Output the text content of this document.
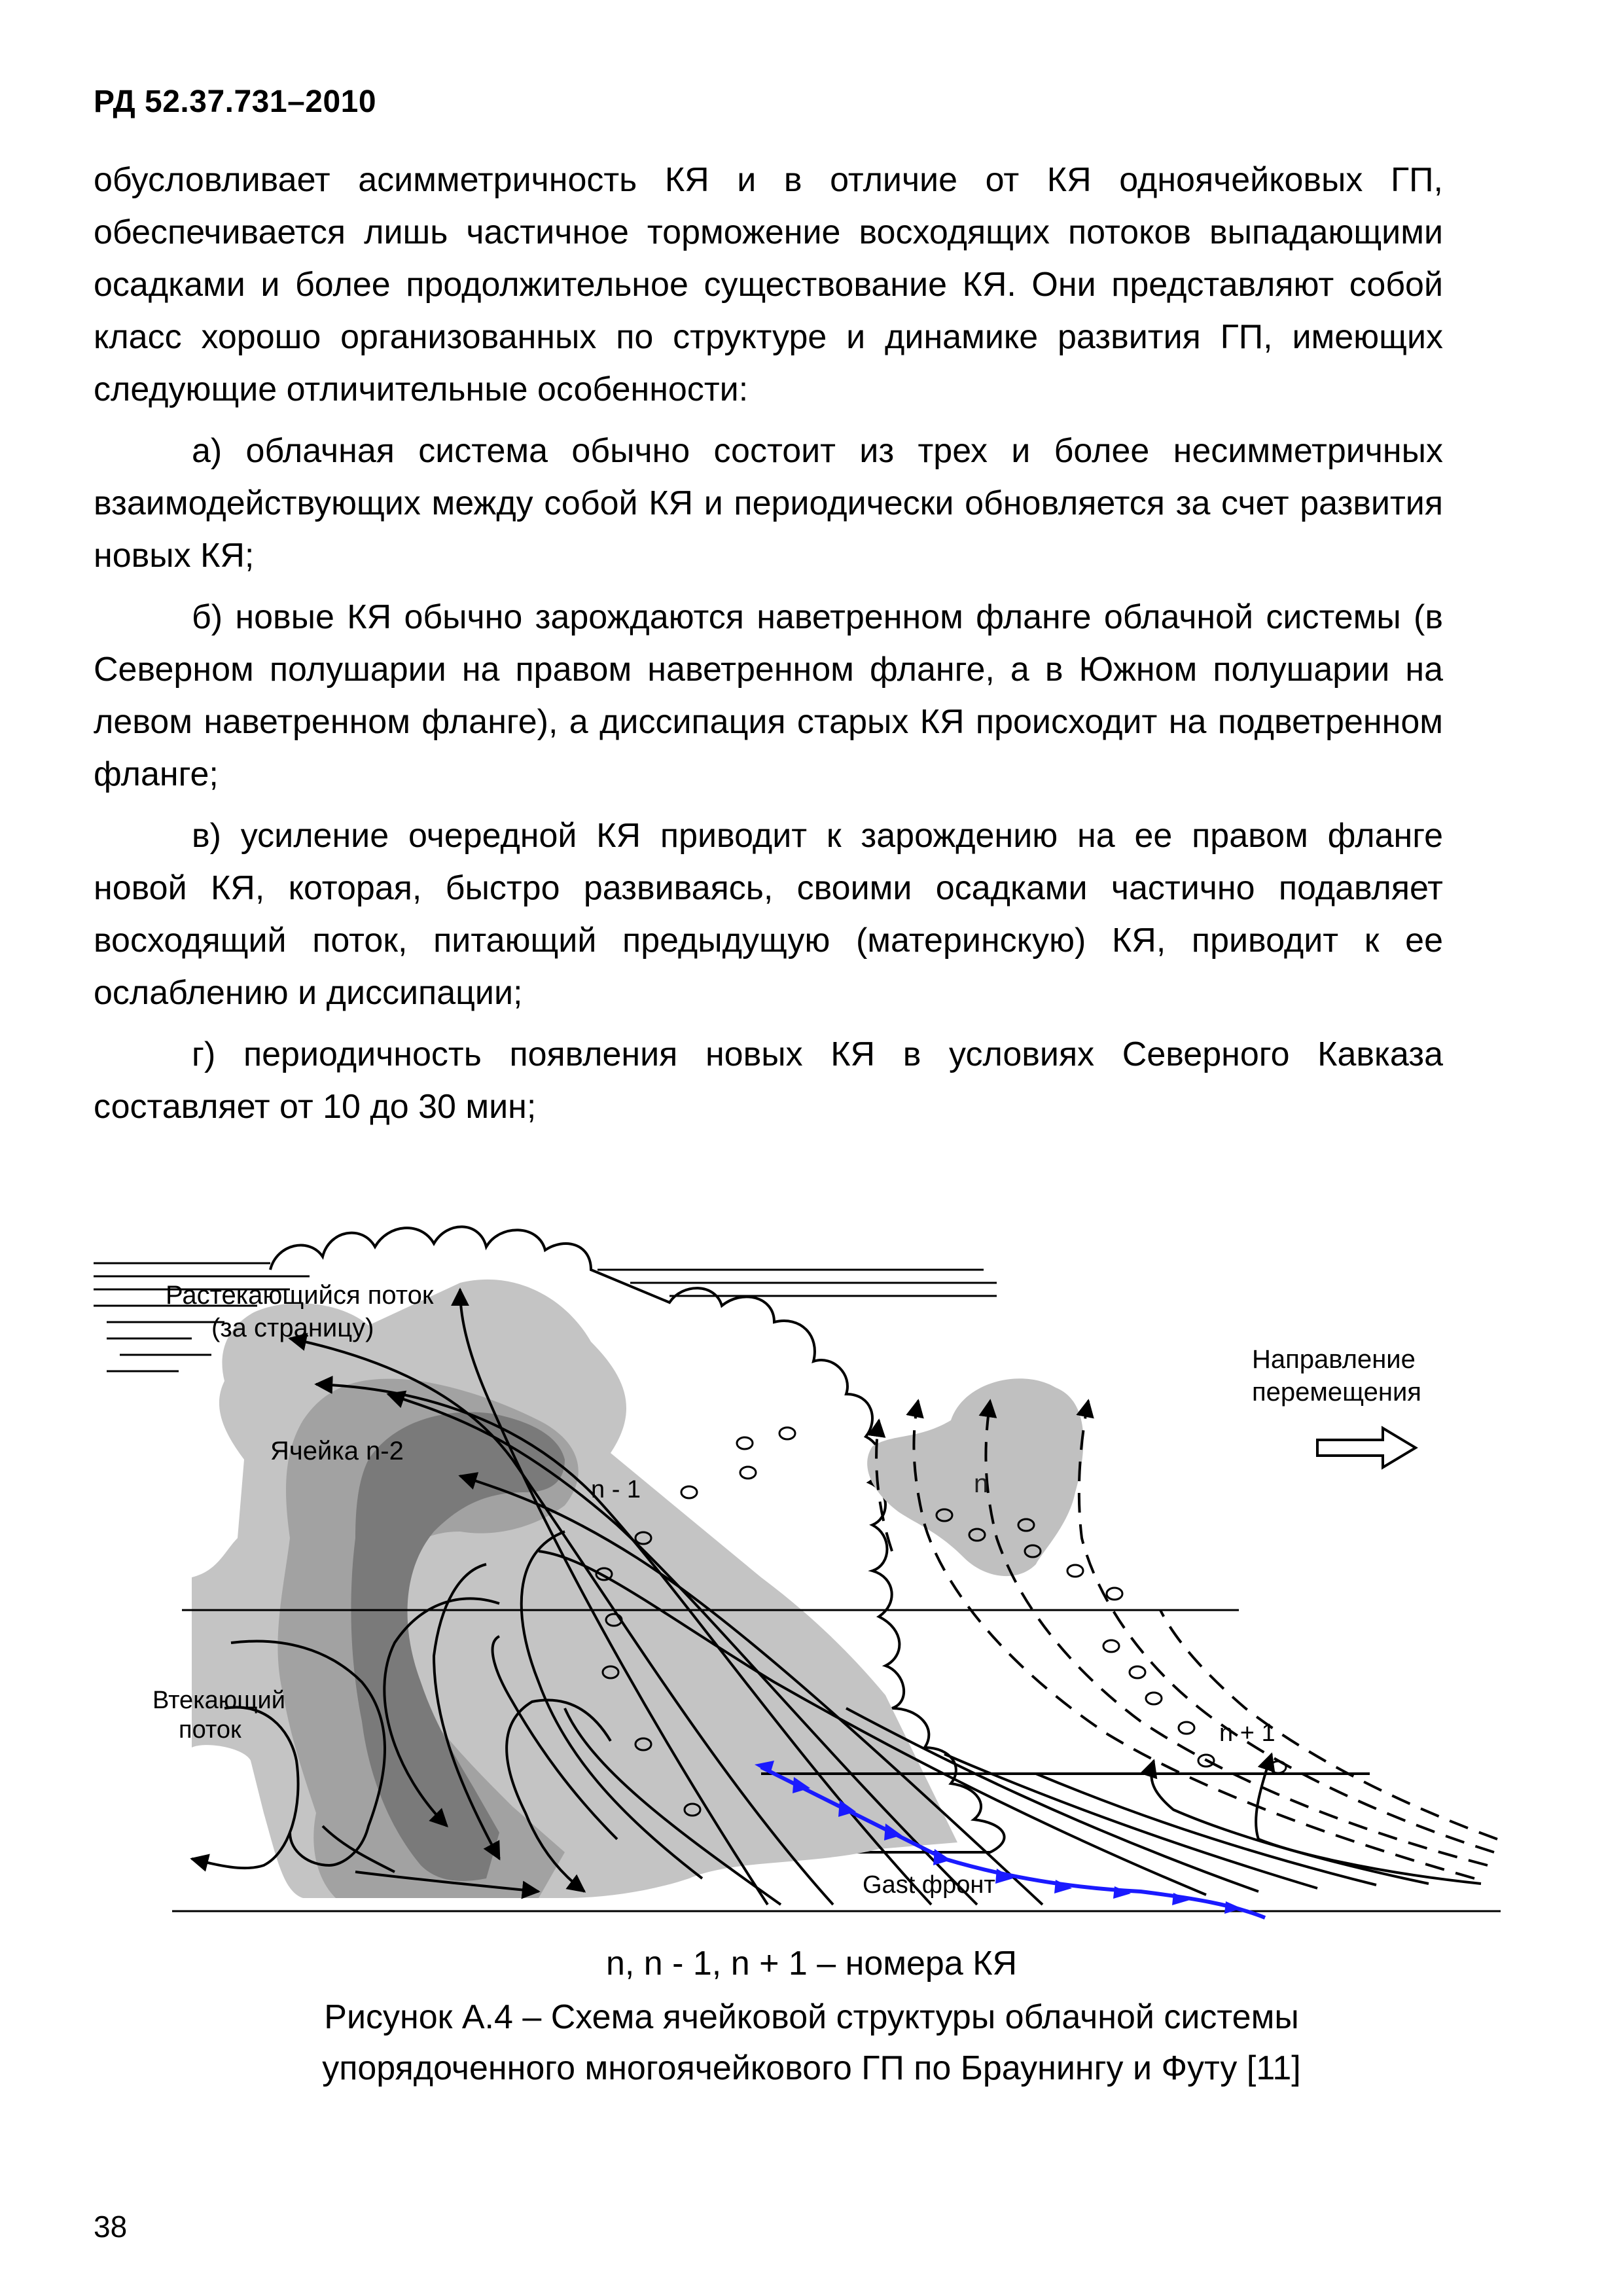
РД 52.37.731–2010

обусловливает асимметричность КЯ и в отличие от КЯ одноячейковых ГП, обеспечивается лишь частичное торможение восходящих потоков выпадающими осадками и более продолжительное существование КЯ. Они представляют собой класс хорошо организованных по структуре и динамике развития ГП, имеющих следующие отличительные особенности:

а) облачная система обычно состоит из трех и более несимметричных взаимодействующих между собой КЯ и периодически обновляется за счет развития новых КЯ;

б) новые КЯ обычно зарождаются наветренном фланге облачной системы (в Северном полушарии на правом наветренном фланге, а в Южном полушарии на левом наветренном фланге), а диссипация старых КЯ происходит на подветренном фланге;

в) усиление очередной КЯ приводит к зарождению на ее правом фланге новой КЯ, которая, быстро развиваясь, своими осадками частично подавляет восходящий поток, питающий предыдущую (материнскую) КЯ, приводит к ее ослаблению и диссипации;

г) периодичность появления новых КЯ в условиях Северного Кавказа составляет от 10 до 30 мин;

Растекающийся поток
(за страницу)
Направление
перемещения
Ячейка n-2
n - 1	n
n + 1
Втекающий
поток
Gast фронт
n, n - 1, n + 1 – номера КЯ
Рисунок А.4 – Схема ячейковой структуры облачной системы
упорядоченного многоячейкового ГП по Браунингу и Футу [11]
38
